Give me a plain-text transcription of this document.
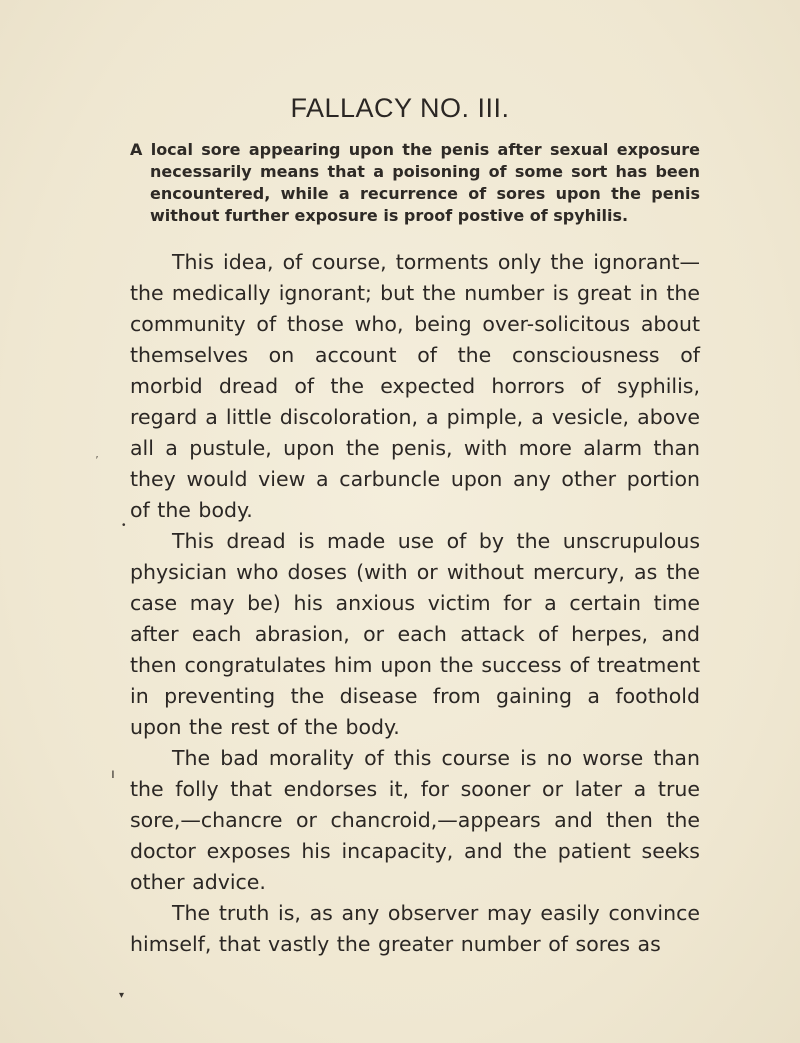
FALLACY NO. III.

A local sore appearing upon the penis after sexual exposure necessarily means that a poisoning of some sort has been encountered, while a recurrence of sores upon the penis without further exposure is proof postive of spyhilis.

This idea, of course, torments only the ignorant—the medically ignorant; but the number is great in the community of those who, being over-solicitous about themselves on account of the consciousness of morbid dread of the expected horrors of syphilis, regard a little discoloration, a pimple, a vesicle, above all a pustule, upon the penis, with more alarm than they would view a carbuncle upon any other portion of the body.

This dread is made use of by the unscrupulous physician who doses (with or without mercury, as the case may be) his anxious victim for a certain time after each abrasion, or each attack of herpes, and then congratulates him upon the success of treatment in preventing the disease from gaining a foothold upon the rest of the body.

The bad morality of this course is no worse than the folly that endorses it, for sooner or later a true sore,—chancre or chancroid,—appears and then the doctor exposes his incapacity, and the patient seeks other advice.

The truth is, as any observer may easily convince himself, that vastly the greater number of sores as

•
′
ı
▾
